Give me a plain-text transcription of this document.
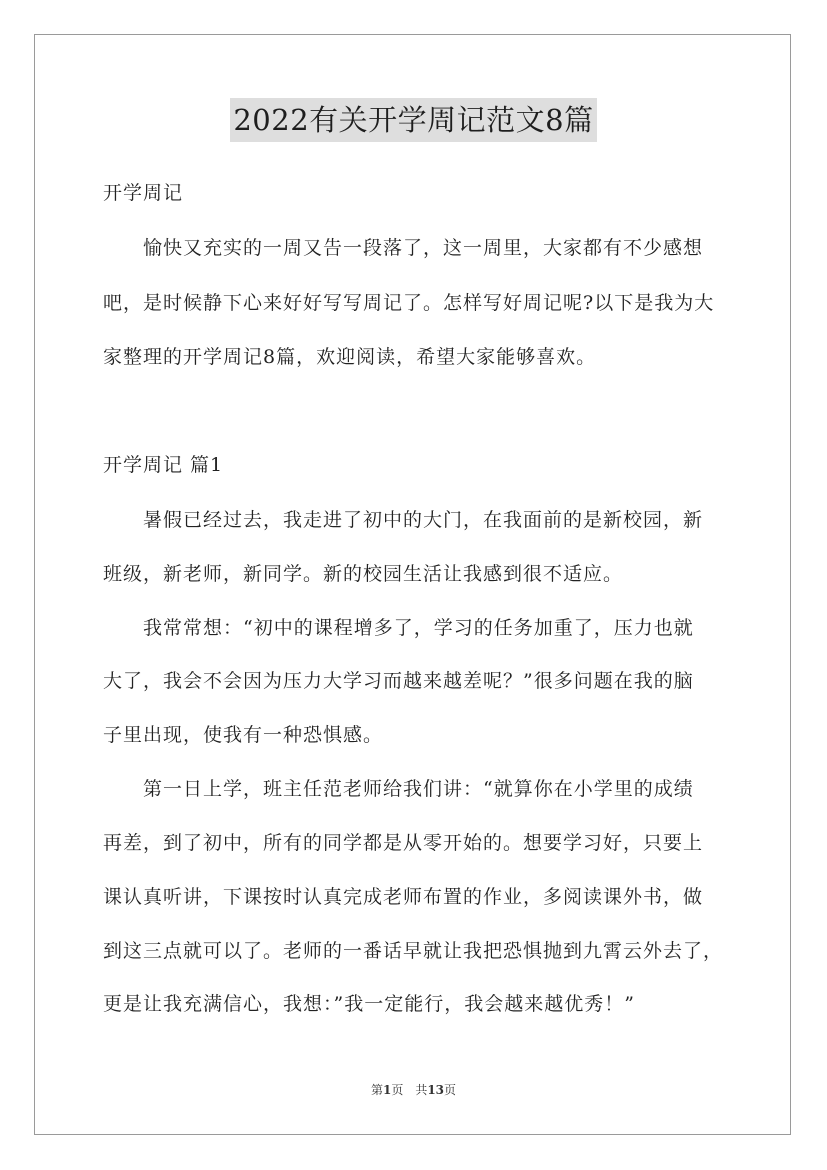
2022有关开学周记范文8篇
开学周记
　　愉快又充实的一周又告一段落了，这一周里，大家都有不少感想
吧，是时候静下心来好好写写周记了。怎样写好周记呢?以下是我为大
家整理的开学周记8篇，欢迎阅读，希望大家能够喜欢。
开学周记 篇1
　　暑假已经过去，我走进了初中的大门，在我面前的是新校园，新
班级，新老师，新同学。新的校园生活让我感到很不适应。
　　我常常想：“初中的课程增多了，学习的任务加重了，压力也就
大了，我会不会因为压力大学习而越来越差呢？”很多问题在我的脑
子里出现，使我有一种恐惧感。
　　第一日上学，班主任范老师给我们讲：“就算你在小学里的成绩
再差，到了初中，所有的同学都是从零开始的。想要学习好，只要上
课认真听讲，下课按时认真完成老师布置的作业，多阅读课外书，做
到这三点就可以了。老师的一番话早就让我把恐惧抛到九霄云外去了，
更是让我充满信心，我想：”我一定能行，我会越来越优秀！”
第1页　共13页
